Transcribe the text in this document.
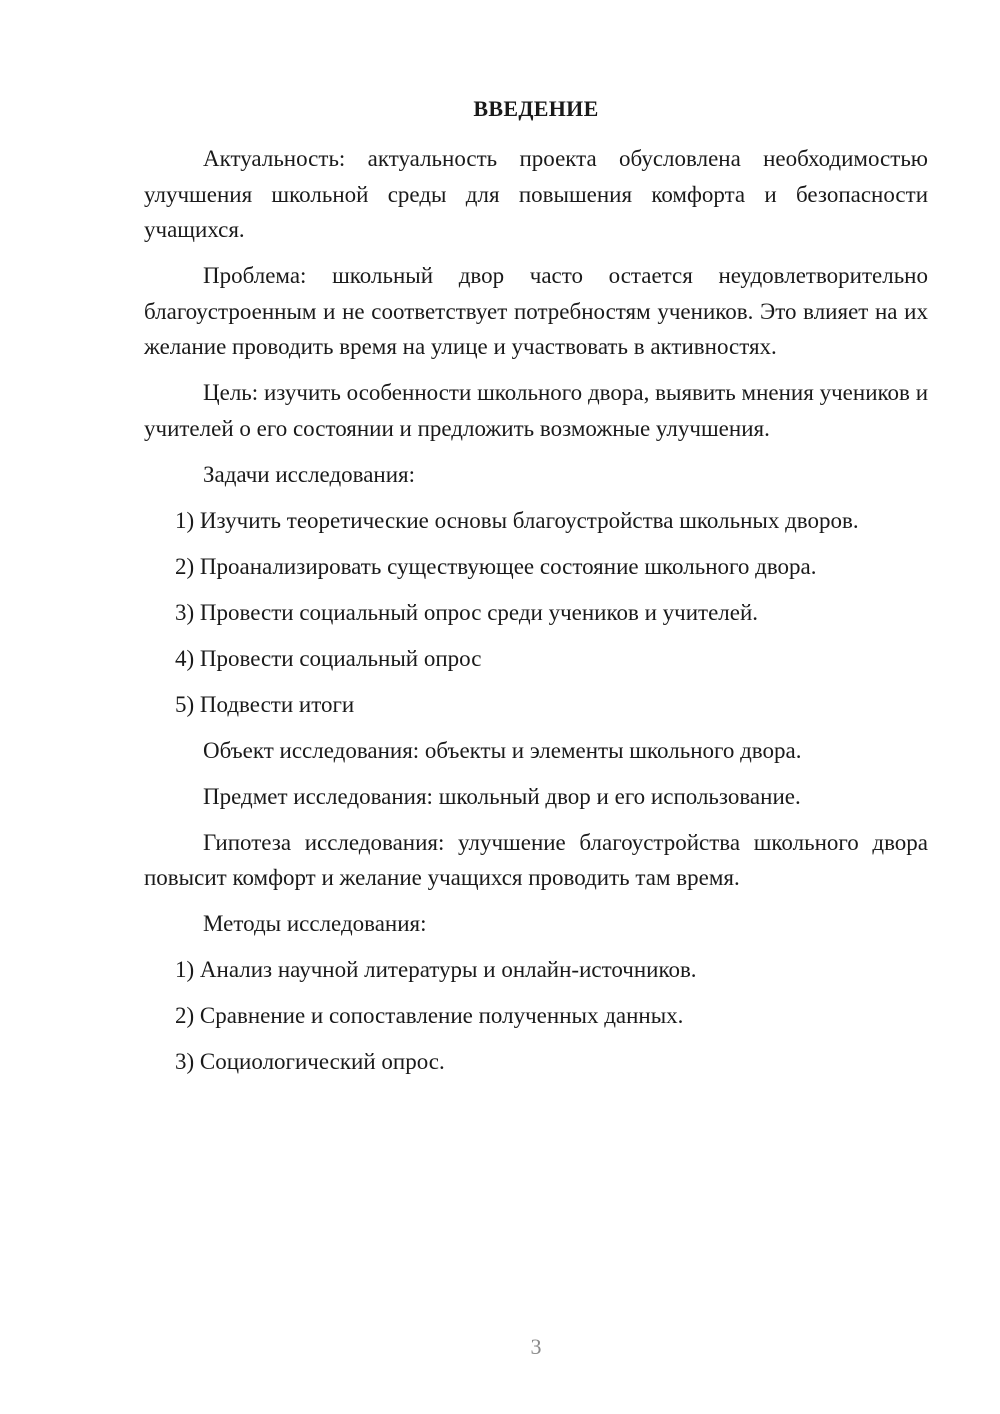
ВВЕДЕНИЕ

Актуальность: актуальность проекта обусловлена необходимостью улучшения школьной среды для повышения комфорта и безопасности учащихся.

Проблема: школьный двор часто остается неудовлетворительно благоустроенным и не соответствует потребностям учеников. Это влияет на их желание проводить время на улице и участвовать в активностях.

Цель: изучить особенности школьного двора, выявить мнения учеников и учителей о его состоянии и предложить возможные улучшения.

Задачи исследования:
1) Изучить теоретические основы благоустройства школьных дворов.
2) Проанализировать существующее состояние школьного двора.
3) Провести социальный опрос среди учеников и учителей.
4) Провести социальный опрос
5) Подвести итоги
Объект исследования: объекты и элементы школьного двора.
Предмет исследования: школьный двор и его использование.

Гипотеза исследования: улучшение благоустройства школьного двора повысит комфорт и желание учащихся проводить там время.

Методы исследования:
1) Анализ научной литературы и онлайн-источников.
2) Сравнение и сопоставление полученных данных.
3) Социологический опрос.
3
